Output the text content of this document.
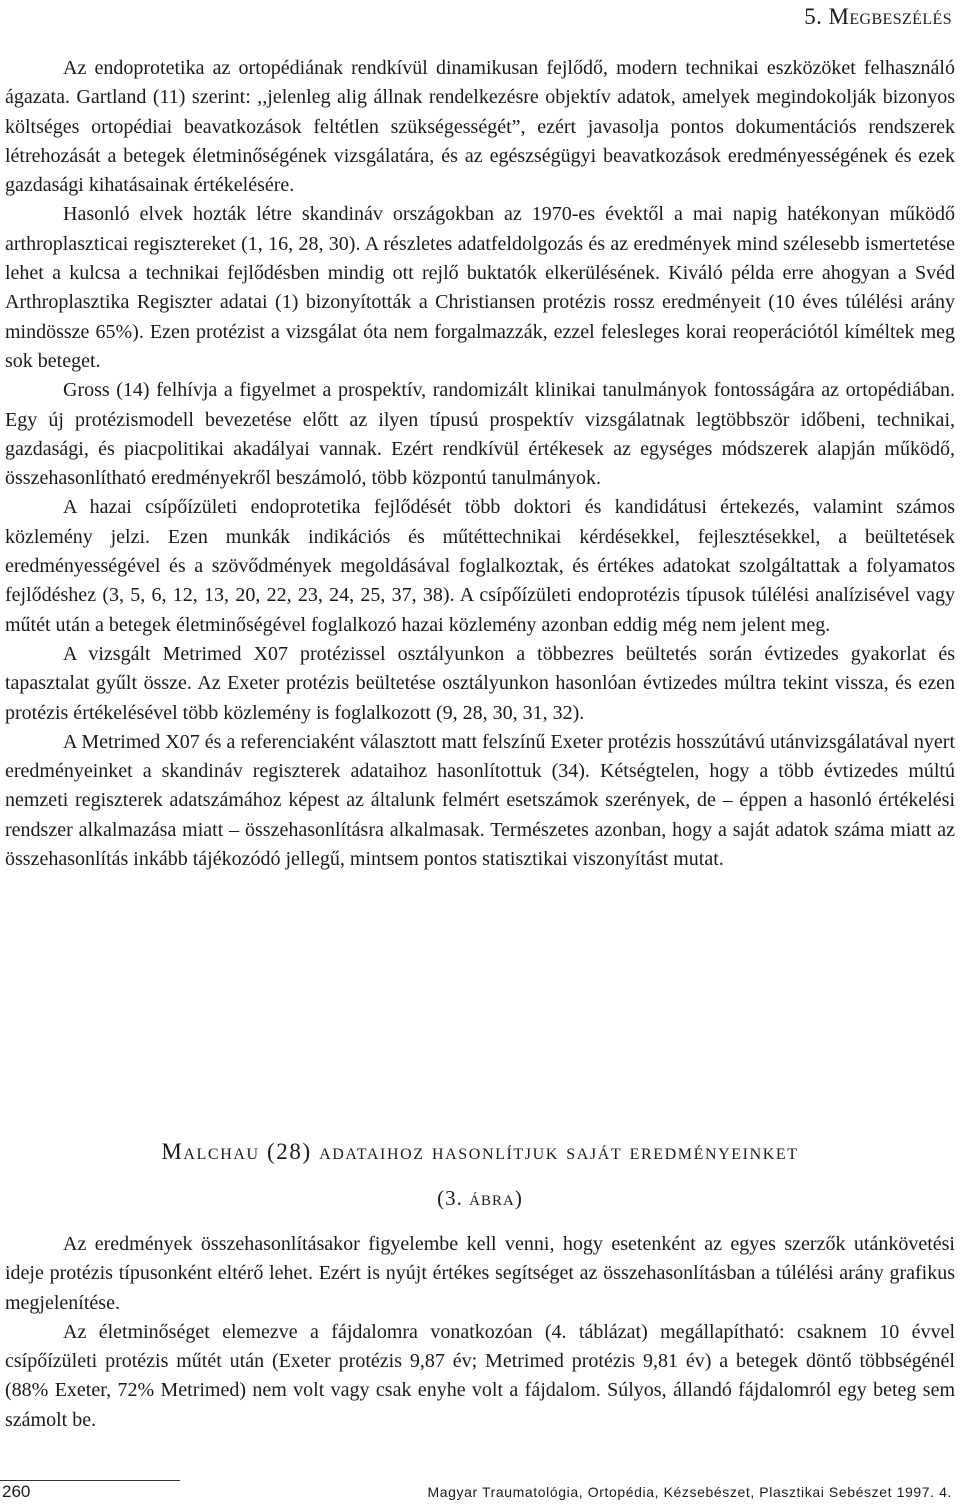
5. Megbeszélés

Az endoprotetika az ortopédiának rendkívül dinamikusan fejlődő, modern technikai eszközöket felhasználó ágazata. Gartland (11) szerint: ,,jelenleg alig állnak rendelkezésre objektív adatok, amelyek megindokolják bizonyos költséges ortopédiai beavatkozások feltétlen szükségességét”, ezért javasolja pontos dokumentációs rendszerek létrehozását a betegek életminőségének vizsgálatára, és az egészségügyi beavatkozások eredményességének és ezek gazdasági kihatásainak értékelésére.

Hasonló elvek hozták létre skandináv országokban az 1970-es évektől a mai napig hatékonyan működő arthroplaszticai regisztereket (1, 16, 28, 30). A részletes adatfeldolgozás és az eredmények mind szélesebb ismertetése lehet a kulcsa a technikai fejlődésben mindig ott rejlő buktatók elkerülésének. Kiváló példa erre ahogyan a Svéd Arthroplasztika Regiszter adatai (1) bizonyították a Christiansen protézis rossz eredményeit (10 éves túlélési arány mindösszе 65%). Ezen protézist a vizsgálat óta nem forgalmazzák, ezzel felesleges korai reoperációtól kíméltek meg sok beteget.

Gross (14) felhívja a figyelmet a prospektív, randomizált klinikai tanulmányok fontosságára az ortopédiában. Egy új protézismodell bevezetése előtt az ilyen típusú prospektív vizsgálatnak legtöbbször időbeni, technikai, gazdasági, és piacpolitikai akadályai vannak. Ezért rendkívül értékesek az egységes módszerek alapján működő, összehasonlítható eredményekről beszámoló, több központú tanulmányok.

A hazai csípőízületi endoprotetika fejlődését több doktori és kandidátusi értekezés, valamint számos közlemény jelzi. Ezen munkák indikációs és műtéttechnikai kérdésekkel, fejlesztésekkel, a beültetések eredményességével és a szövődmények megoldásával foglalkoztak, és értékes adatokat szolgáltattak a folyamatos fejlődéshez (3, 5, 6, 12, 13, 20, 22, 23, 24, 25, 37, 38). A csípőízületi endoprotézis típusok túlélési analízisével vagy műtét után a betegek életminőségével foglalkozó hazai közlemény azonban eddig még nem jelent meg.

A vizsgált Metrimed X07 protézissel osztályunkon a többezres beültetés során évtizedes gyakorlat és tapasztalat gyűlt össze. Az Exeter protézis beültetése osztályunkon hasonlóan évtizedes múltra tekint vissza, és ezen protézis értékelésével több közlemény is foglalkozott (9, 28, 30, 31, 32).

A Metrimed X07 és a referenciaként választott matt felszínű Exeter protézis hosszútávú utánvizsgálatával nyert eredményeinket a skandináv regiszterek adataihoz hasonlítottuk (34). Kétségtelen, hogy a több évtizedes múltú nemzeti regiszterek adatszámához képest az általunk felmért esetszámok szerények, de – éppen a hasonló értékelési rendszer alkalmazása miatt – összehasonlításra alkalmasak. Természetes azonban, hogy a saját adatok száma miatt az összehasonlítás inkább tájékozódó jellegű, mintsem pontos statisztikai viszonyítást mutat.

Malchau (28) adataihoz hasonlítjuk saját eredményeinket
(3. ábra)

Az eredmények összehasonlításakor figyelembe kell venni, hogy esetenként az egyes szerzők utánkövetési ideje protézis típusonként eltérő lehet. Ezért is nyújt értékes segítséget az összehasonlításban a túlélési arány grafikus megjelenítése.

Az életminőséget elemezve a fájdalomra vonatkozóan (4. táblázat) megállapítható: csaknem 10 évvel csípőízületi protézis műtét után (Exeter protézis 9,87 év; Metrimed protézis 9,81 év) a betegek döntő többségénél (88% Exeter, 72% Metrimed) nem volt vagy csak enyhe volt a fájdalom. Súlyos, állandó fájdalomról egy beteg sem számolt be.

260	Magyar Traumatológia, Ortopédia, Kézsebészet, Plasztikai Sebészet 1997. 4.
